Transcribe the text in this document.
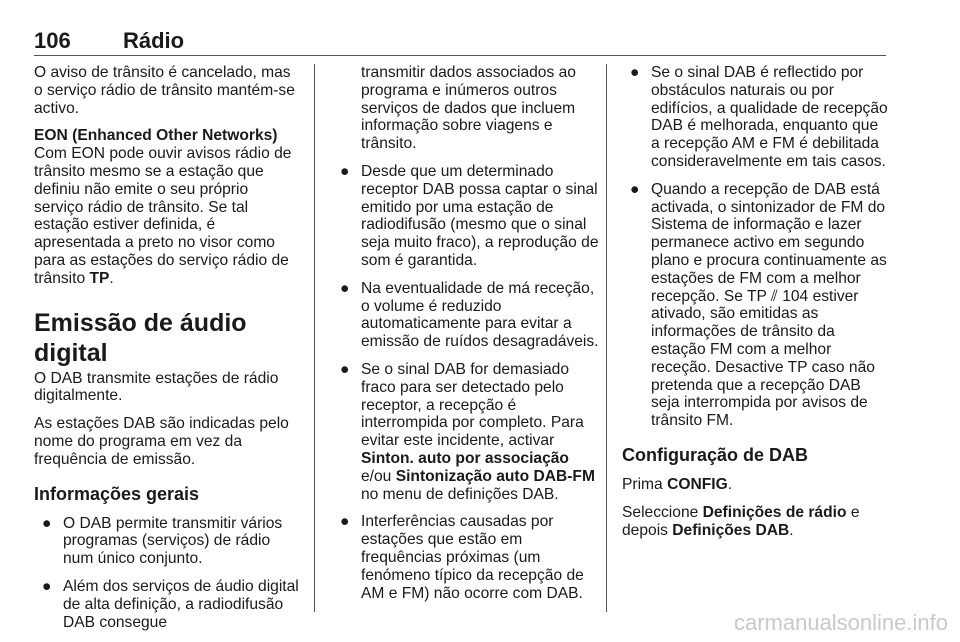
106 Rádio

O aviso de trânsito é cancelado, mas o serviço rádio de trânsito mantém-se activo.

EON (Enhanced Other Networks)

Com EON pode ouvir avisos rádio de trânsito mesmo se a estação que definiu não emite o seu próprio serviço rádio de trânsito. Se tal estação estiver definida, é apresentada a preto no visor como para as estações do serviço rádio de trânsito TP.

Emissão de áudio digital

O DAB transmite estações de rádio digitalmente.

As estações DAB são indicadas pelo nome do programa em vez da frequência de emissão.

Informações gerais
● O DAB permite transmitir vários programas (serviços) de rádio num único conjunto.
● Além dos serviços de áudio digital de alta definição, a radiodifusão DAB consegue
transmitir dados associados ao programa e inúmeros outros serviços de dados que incluem informação sobre viagens e trânsito.
● Desde que um determinado receptor DAB possa captar o sinal emitido por uma estação de radiodifusão (mesmo que o sinal seja muito fraco), a reprodução de som é garantida.
● Na eventualidade de má receção, o volume é reduzido automaticamente para evitar a emissão de ruídos desagradáveis.
● Se o sinal DAB for demasiado fraco para ser detectado pelo receptor, a recepção é interrompida por completo. Para evitar este incidente, activar Sinton. auto por associação e/ou Sintonização auto DAB-FM no menu de definições DAB.
● Interferências causadas por estações que estão em frequências próximas (um fenómeno típico da recepção de AM e FM) não ocorre com DAB.
● Se o sinal DAB é reflectido por obstáculos naturais ou por edifícios, a qualidade de recepção DAB é melhorada, enquanto que a recepção AM e FM é debilitada consideravelmente em tais casos.
● Quando a recepção de DAB está activada, o sintonizador de FM do Sistema de informação e lazer permanece activo em segundo plano e procura continuamente as estações de FM com a melhor recepção. Se TP ⫽ 104 estiver ativado, são emitidas as informações de trânsito da estação FM com a melhor receção. Desactive TP caso não pretenda que a recepção DAB seja interrompida por avisos de trânsito FM.
Configuração de DAB

Prima CONFIG.

Seleccione Definições de rádio e depois Definições DAB.

carmanualsonline.info
